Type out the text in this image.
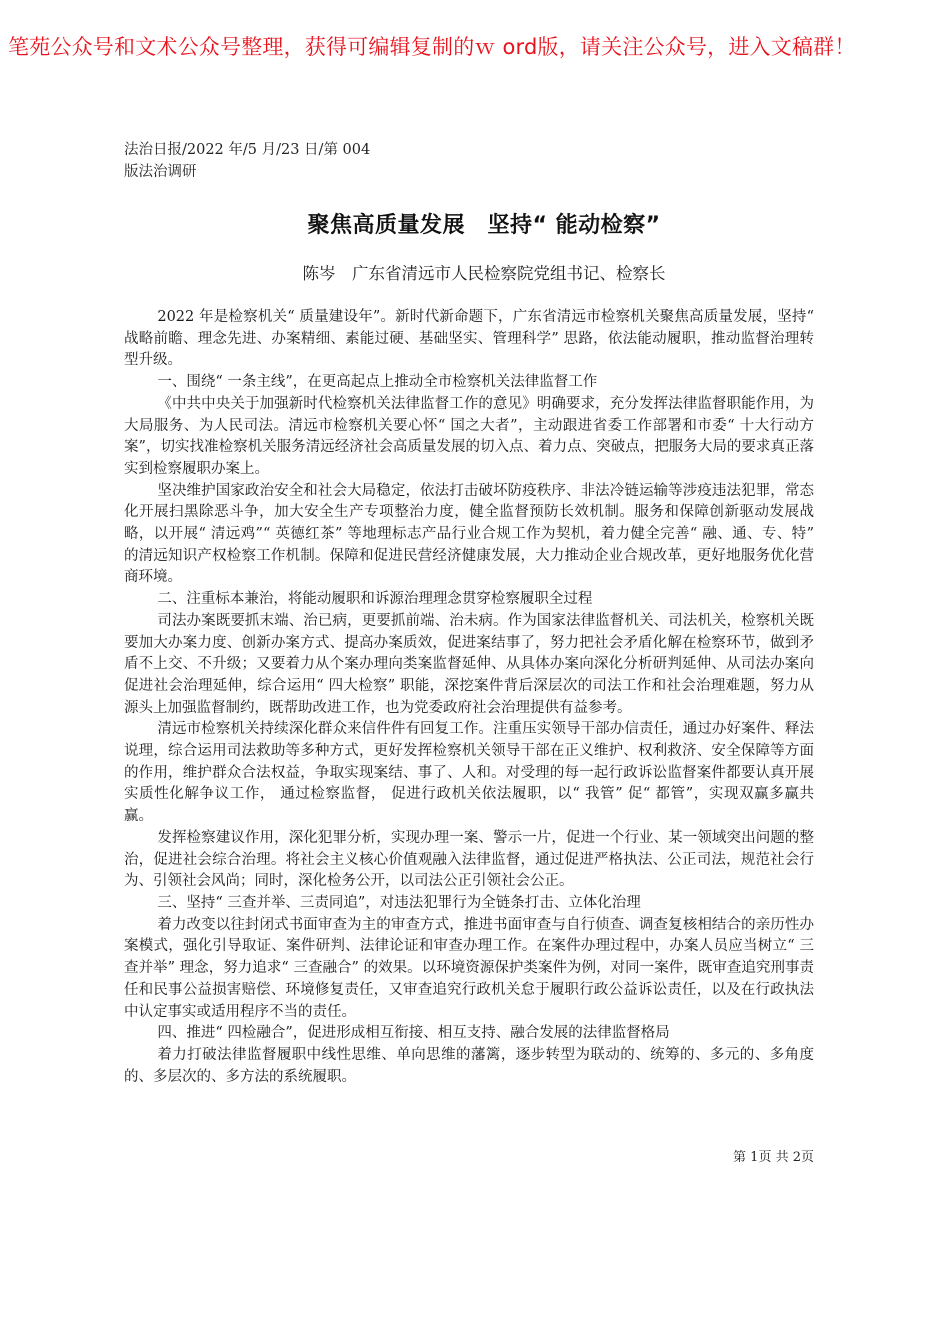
笔苑公众号和文术公众号整理，获得可编辑复制的ｗ ord版，请关注公众号，进入文稿群！
法治日报/2022 年/5 月/23 日/第 004
版法治调研
聚焦高质量发展　坚持“ 能动检察”
陈岑　广东省清远市人民检察院党组书记、检察长

2022 年是检察机关“ 质量建设年”。新时代新命题下，广东省清远市检察机关聚焦高质量发展，坚持“ 战略前瞻、理念先进、办案精细、素能过硬、基础坚实、管理科学” 思路，依法能动履职，推动监督治理转型升级。

一、围绕“ 一条主线”，在更高起点上推动全市检察机关法律监督工作

《中共中央关于加强新时代检察机关法律监督工作的意见》明确要求，充分发挥法律监督职能作用，为大局服务、为人民司法。清远市检察机关要心怀“ 国之大者”，主动跟进省委工作部署和市委“ 十大行动方案”，切实找准检察机关服务清远经济社会高质量发展的切入点、着力点、突破点，把服务大局的要求真正落实到检察履职办案上。

坚决维护国家政治安全和社会大局稳定，依法打击破坏防疫秩序、非法冷链运输等涉疫违法犯罪，常态化开展扫黑除恶斗争，加大安全生产专项整治力度，健全监督预防长效机制。服务和保障创新驱动发展战略，以开展“ 清远鸡”“ 英德红茶” 等地理标志产品行业合规工作为契机，着力健全完善“ 融、通、专、特” 的清远知识产权检察工作机制。保障和促进民营经济健康发展，大力推动企业合规改革，更好地服务优化营商环境。

二、注重标本兼治，将能动履职和诉源治理理念贯穿检察履职全过程

司法办案既要抓末端、治已病，更要抓前端、治未病。作为国家法律监督机关、司法机关，检察机关既要加大办案力度、创新办案方式、提高办案质效，促进案结事了，努力把社会矛盾化解在检察环节，做到矛盾不上交、不升级；又要着力从个案办理向类案监督延伸、从具体办案向深化分析研判延伸、从司法办案向促进社会治理延伸，综合运用“ 四大检察” 职能，深挖案件背后深层次的司法工作和社会治理难题，努力从源头上加强监督制约，既帮助改进工作，也为党委政府社会治理提供有益参考。

清远市检察机关持续深化群众来信件件有回复工作。注重压实领导干部办信责任，通过办好案件、释法说理，综合运用司法救助等多种方式，更好发挥检察机关领导干部在正义维护、权利救济、安全保障等方面的作用，维护群众合法权益，争取实现案结、事了、人和。对受理的每一起行政诉讼监督案件都要认真开展实质性化解争议工作， 通过检察监督， 促进行政机关依法履职，以“ 我管” 促“ 都管”，实现双赢多赢共赢。

发挥检察建议作用，深化犯罪分析，实现办理一案、警示一片，促进一个行业、某一领域突出问题的整治，促进社会综合治理。将社会主义核心价值观融入法律监督，通过促进严格执法、公正司法，规范社会行为、引领社会风尚；同时，深化检务公开，以司法公正引领社会公正。

三、坚持“ 三查并举、三责同追”，对违法犯罪行为全链条打击、立体化治理

着力改变以往封闭式书面审查为主的审查方式，推进书面审查与自行侦查、调查复核相结合的亲历性办案模式，强化引导取证、案件研判、法律论证和审查办理工作。在案件办理过程中，办案人员应当树立“ 三查并举” 理念，努力追求“ 三查融合” 的效果。以环境资源保护类案件为例，对同一案件，既审查追究刑事责任和民事公益损害赔偿、环境修复责任，又审查追究行政机关怠于履职行政公益诉讼责任，以及在行政执法中认定事实或适用程序不当的责任。

四、推进“ 四检融合”，促进形成相互衔接、相互支持、融合发展的法律监督格局

着力打破法律监督履职中线性思维、单向思维的藩篱，逐步转型为联动的、统筹的、多元的、多角度的、多层次的、多方法的系统履职。

第 1页 共 2页
